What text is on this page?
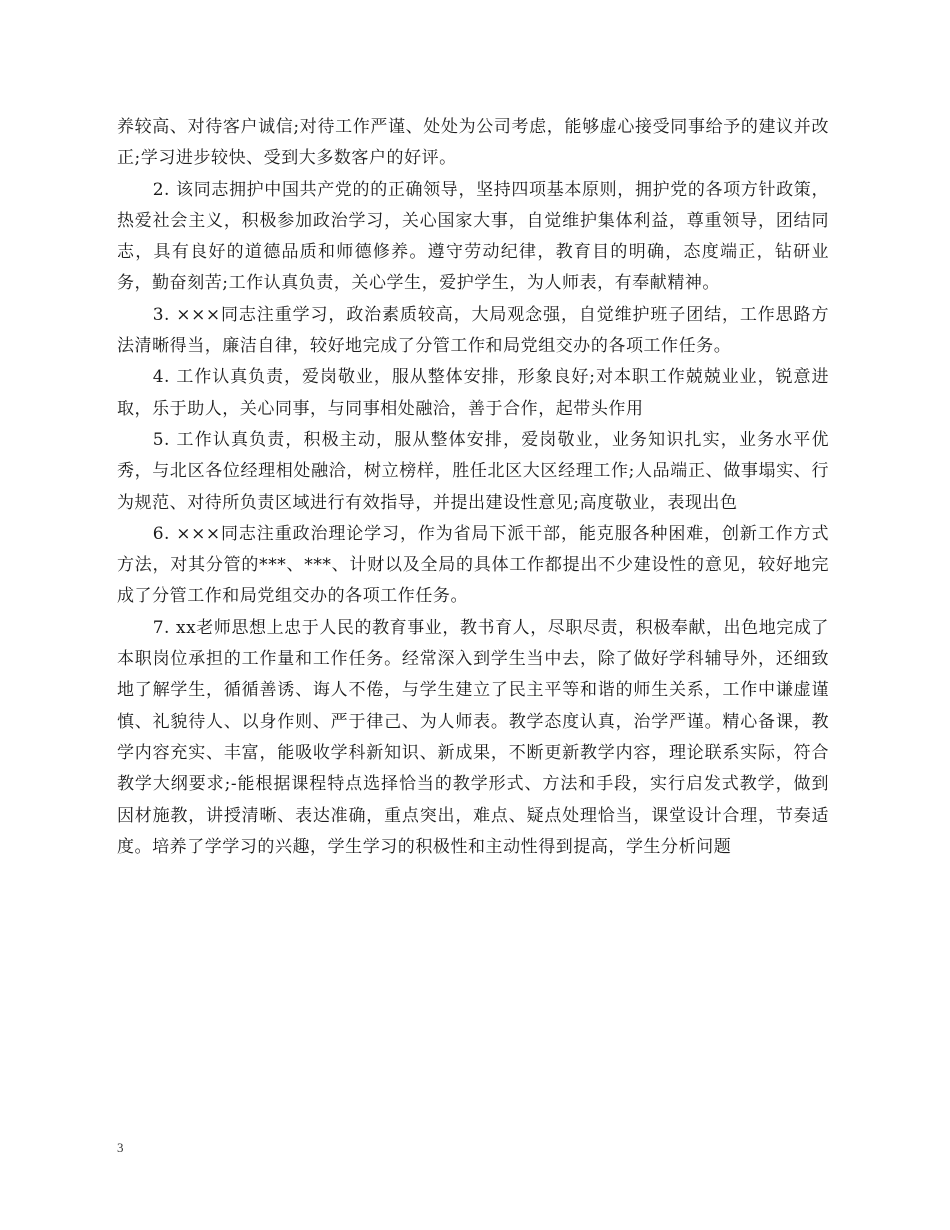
养较高、对待客户诚信;对待工作严谨、处处为公司考虑，能够虚心接受同事给予的建议并改正;学习进步较快、受到大多数客户的好评。

2. 该同志拥护中国共产党的的正确领导，坚持四项基本原则，拥护党的各项方针政策，热爱社会主义，积极参加政治学习，关心国家大事，自觉维护集体利益，尊重领导，团结同志，具有良好的道德品质和师德修养。遵守劳动纪律，教育目的明确，态度端正，钻研业务，勤奋刻苦;工作认真负责，关心学生，爱护学生，为人师表，有奉献精神。

3. ×××同志注重学习，政治素质较高，大局观念强，自觉维护班子团结，工作思路方法清晰得当，廉洁自律，较好地完成了分管工作和局党组交办的各项工作任务。

4. 工作认真负责，爱岗敬业，服从整体安排，形象良好;对本职工作兢兢业业，锐意进取，乐于助人，关心同事，与同事相处融洽，善于合作，起带头作用

5. 工作认真负责，积极主动，服从整体安排，爱岗敬业，业务知识扎实，业务水平优秀，与北区各位经理相处融洽，树立榜样，胜任北区大区经理工作;人品端正、做事塌实、行为规范、对待所负责区域进行有效指导，并提出建设性意见;高度敬业，表现出色

6. ×××同志注重政治理论学习，作为省局下派干部，能克服各种困难，创新工作方式方法，对其分管的***、***、计财以及全局的具体工作都提出不少建设性的意见，较好地完成了分管工作和局党组交办的各项工作任务。

7. xx老师思想上忠于人民的教育事业，教书育人，尽职尽责，积极奉献，出色地完成了本职岗位承担的工作量和工作任务。经常深入到学生当中去，除了做好学科辅导外，还细致地了解学生，循循善诱、诲人不倦，与学生建立了民主平等和谐的师生关系，工作中谦虚谨慎、礼貌待人、以身作则、严于律己、为人师表。教学态度认真，治学严谨。精心备课，教学内容充实、丰富，能吸收学科新知识、新成果，不断更新教学内容，理论联系实际，符合教学大纲要求;-能根据课程特点选择恰当的教学形式、方法和手段，实行启发式教学，做到因材施教，讲授清晰、表达准确，重点突出，难点、疑点处理恰当，课堂设计合理，节奏适度。培养了学学习的兴趣，学生学习的积极性和主动性得到提高，学生分析问题

3
